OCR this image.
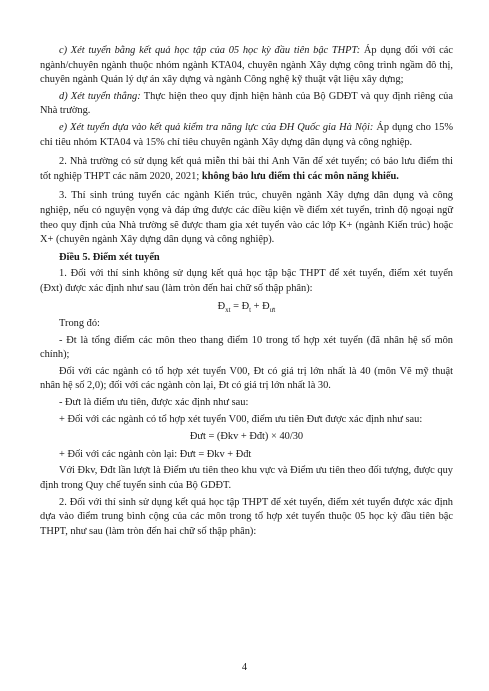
c) Xét tuyển bằng kết quả học tập của 05 học kỳ đầu tiên bậc THPT: Áp dụng đối với các ngành/chuyên ngành thuộc nhóm ngành KTA04, chuyên ngành Xây dựng công trình ngầm đô thị, chuyên ngành Quản lý dự án xây dựng và ngành Công nghệ kỹ thuật vật liệu xây dựng;

d) Xét tuyển thẳng: Thực hiện theo quy định hiện hành của Bộ GDĐT và quy định riêng của Nhà trường.

e) Xét tuyển dựa vào kết quả kiểm tra năng lực của ĐH Quốc gia Hà Nội: Áp dụng cho 15% chỉ tiêu nhóm KTA04 và 15% chỉ tiêu chuyên ngành Xây dựng dân dụng và công nghiệp.

2. Nhà trường có sử dụng kết quả miễn thi bài thi Anh Văn để xét tuyển; có bảo lưu điểm thi tốt nghiệp THPT các năm 2020, 2021; không bảo lưu điểm thi các môn năng khiếu.

3. Thí sinh trúng tuyển các ngành Kiến trúc, chuyên ngành Xây dựng dân dụng và công nghiệp, nếu có nguyện vọng và đáp ứng được các điều kiện về điểm xét tuyển, trình độ ngoại ngữ theo quy định của Nhà trường sẽ được tham gia xét tuyển vào các lớp K+ (ngành Kiến trúc) hoặc X+ (chuyên ngành Xây dựng dân dụng và công nghiệp).

Điều 5. Điểm xét tuyển

1. Đối với thí sinh không sử dụng kết quả học tập bậc THPT để xét tuyển, điểm xét tuyển (Đxt) được xác định như sau (làm tròn đến hai chữ số thập phân):

$Đ_{xt}$ = $Đ_t$ + $Đ_{ưt}$

Trong đó:

- Đt là tổng điểm các môn theo thang điểm 10 trong tổ hợp xét tuyển (đã nhân hệ số môn chính);

Đối với các ngành có tổ hợp xét tuyển V00, Đt có giá trị lớn nhất là 40 (môn Vẽ mỹ thuật nhân hệ số 2,0); đối với các ngành còn lại, Đt có giá trị lớn nhất là 30.

- Đưt là điểm ưu tiên, được xác định như sau:

+ Đối với các ngành có tổ hợp xét tuyển V00, điểm ưu tiên Đưt được xác định như sau:

Đưt = (Đkv + Đđt) × 40/30

+ Đối với các ngành còn lại: Đưt = Đkv + Đđt

Với Đkv, Đđt lần lượt là Điểm ưu tiên theo khu vực và Điểm ưu tiên theo đối tượng, được quy định trong Quy chế tuyển sinh của Bộ GDĐT.

2. Đối với thí sinh sử dụng kết quả học tập THPT để xét tuyển, điểm xét tuyển được xác định dựa vào điểm trung bình cộng của các môn trong tổ hợp xét tuyển thuộc 05 học kỳ đầu tiên bậc THPT, như sau (làm tròn đến hai chữ số thập phân):

4
